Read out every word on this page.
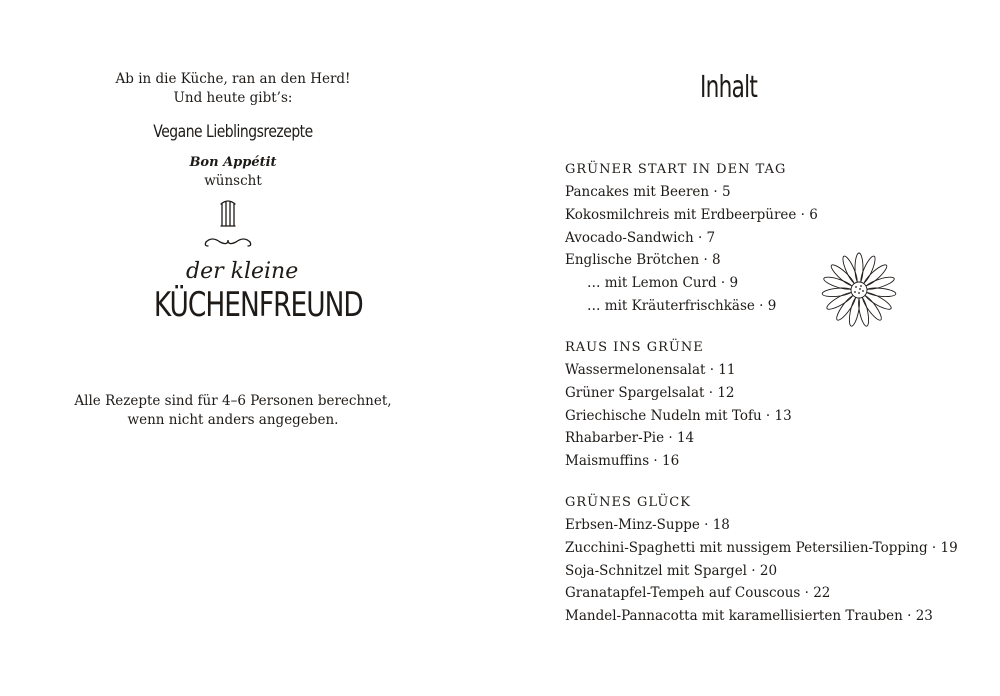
Ab in die Küche, ran an den Herd!
Und heute gibt’s:
Vegane Lieblingsrezepte
Bon Appétit
wünscht
der kleine
KÜCHENFREUND
Alle Rezepte sind für 4–6 Personen berechnet,
wenn nicht anders angegeben.
Inhalt
GRÜNER START IN DEN TAG
Pancakes mit Beeren · 5
Kokosmilchreis mit Erdbeerpüree · 6
Avocado-Sandwich · 7
Englische Brötchen · 8
… mit Lemon Curd · 9
… mit Kräuterfrischkäse · 9
RAUS INS GRÜNE
Wassermelonensalat · 11
Grüner Spargelsalat · 12
Griechische Nudeln mit Tofu · 13
Rhabarber-Pie · 14
Maismuffins · 16
GRÜNES GLÜCK
Erbsen-Minz-Suppe · 18
Zucchini-Spaghetti mit nussigem Petersilien-Topping · 19
Soja-Schnitzel mit Spargel · 20
Granatapfel-Tempeh auf Couscous · 22
Mandel-Pannacotta mit karamellisierten Trauben · 23
